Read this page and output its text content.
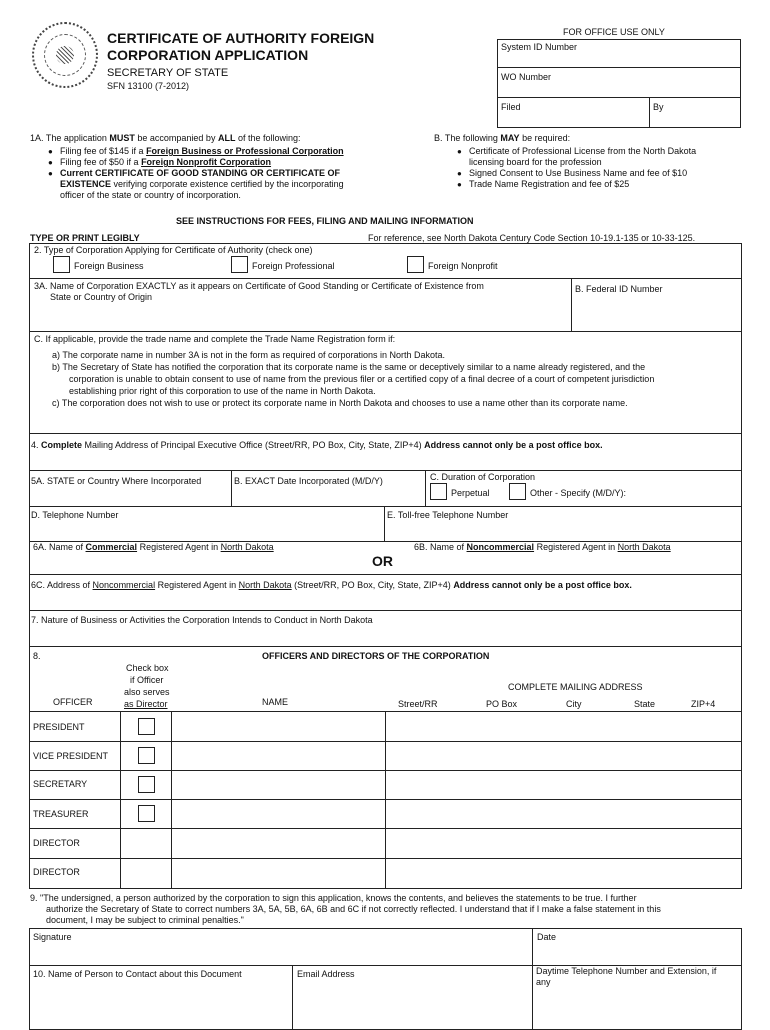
CERTIFICATE OF AUTHORITY FOREIGN
CORPORATION APPLICATION
SECRETARY OF STATE
SFN 13100 (7-2012)
FOR OFFICE USE ONLY
System ID Number
WO Number
Filed	By
1A. The application MUST be accompanied by ALL of the following:
● Filing fee of $145 if a Foreign Business or Professional Corporation
● Filing fee of $50 if a Foreign Nonprofit Corporation
● Current CERTIFICATE OF GOOD STANDING OR CERTIFICATE OF
EXISTENCE verifying corporate existence certified by the incorporating
officer of the state or country of incorporation.
B. The following MAY be required:
● Certificate of Professional License from the North Dakota
licensing board for the profession
● Signed Consent to Use Business Name and fee of $10
● Trade Name Registration and fee of $25
SEE INSTRUCTIONS FOR FEES, FILING AND MAILING INFORMATION
TYPE OR PRINT LEGIBLY	For reference, see North Dakota Century Code Section 10-19.1-135 or 10-33-125.
2. Type of Corporation Applying for Certificate of Authority (check one)
Foreign Business	Foreign Professional	Foreign Nonprofit
3A. Name of Corporation EXACTLY as it appears on Certificate of Good Standing or Certificate of Existence from
State or Country of Origin
B. Federal ID Number
C. If applicable, provide the trade name and complete the Trade Name Registration form if:
a) The corporate name in number 3A is not in the form as required of corporations in North Dakota.
b) The Secretary of State has notified the corporation that its corporate name is the same or deceptively similar to a name already registered, and the
corporation is unable to obtain consent to use of name from the previous filer or a certified copy of a final decree of a court of competent jurisdiction
establishing prior right of this corporation to use of the name in North Dakota.
c) The corporation does not wish to use or protect its corporate name in North Dakota and chooses to use a name other than its corporate name.
4. Complete Mailing Address of Principal Executive Office (Street/RR, PO Box, City, State, ZIP+4) Address cannot only be a post office box.
5A. STATE or Country Where Incorporated	B. EXACT Date Incorporated (M/D/Y)	C. Duration of Corporation
Perpetual	Other - Specify (M/D/Y):
D. Telephone Number	E. Toll-free Telephone Number
6A. Name of Commercial Registered Agent in North Dakota
OR
6B. Name of Noncommercial Registered Agent in North Dakota
6C. Address of Noncommercial Registered Agent in North Dakota (Street/RR, PO Box, City, State, ZIP+4) Address cannot only be a post office box.
7. Nature of Business or Activities the Corporation Intends to Conduct in North Dakota
8.	OFFICERS AND DIRECTORS OF THE CORPORATION
Check box
if Officer
also serves
as Director
OFFICER	NAME
COMPLETE MAILING ADDRESS
Street/RR	PO Box	City	State	ZIP+4
PRESIDENT
VICE PRESIDENT
SECRETARY
TREASURER
DIRECTOR
DIRECTOR
9. "The undersigned, a person authorized by the corporation to sign this application, knows the contents, and believes the statements to be true. I further
authorize the Secretary of State to correct numbers 3A, 5A, 5B, 6A, 6B and 6C if not correctly reflected. I understand that if I make a false statement in this
document, I may be subject to criminal penalties."
Signature	Date
10. Name of Person to Contact about this Document	Email Address	Daytime Telephone Number and Extension, if
any
